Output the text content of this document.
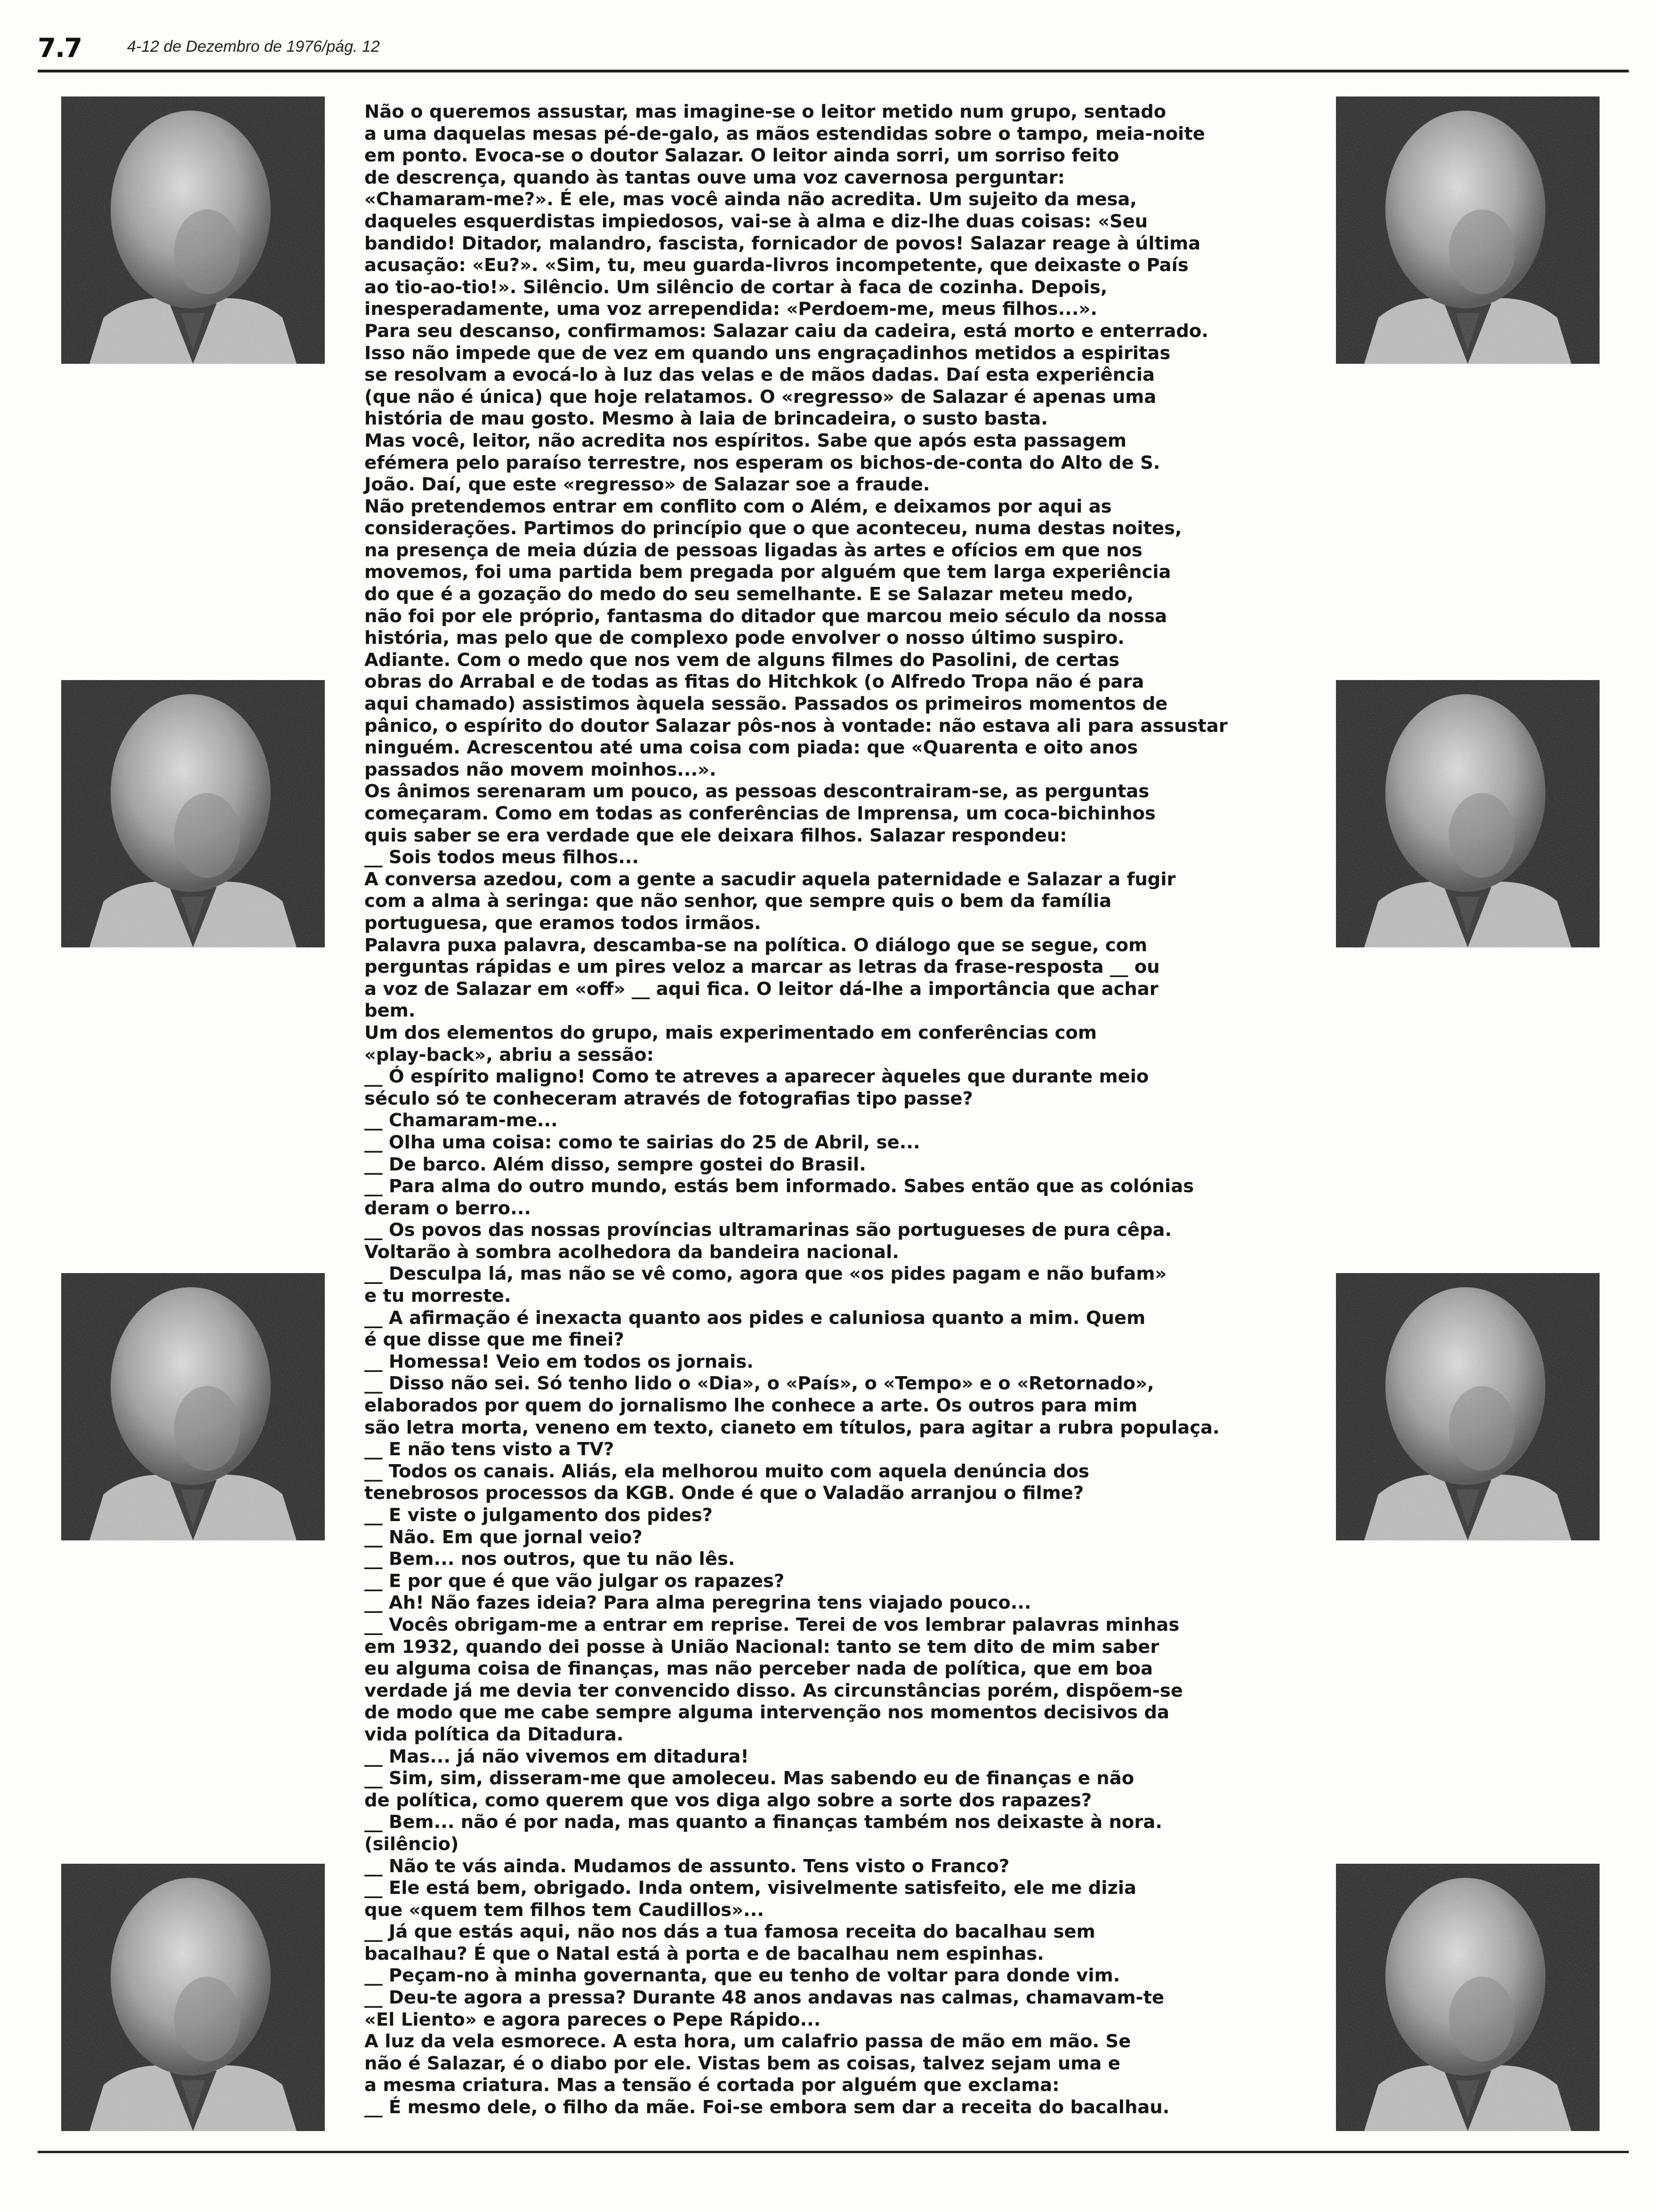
7.7	4-12 de Dezembro de 1976/pág. 12

Não o queremos assustar, mas imagine-se o leitor metido num grupo, sentado

a uma daquelas mesas pé-de-galo, as mãos estendidas sobre o tampo, meia-noite

em ponto. Evoca-se o doutor Salazar. O leitor ainda sorri, um sorriso feito

de descrença, quando às tantas ouve uma voz cavernosa perguntar:

«Chamaram-me?». É ele, mas você ainda não acredita. Um sujeito da mesa,

daqueles esquerdistas impiedosos, vai-se à alma e diz-lhe duas coisas: «Seu

bandido! Ditador, malandro, fascista, fornicador de povos! Salazar reage à última

acusação: «Eu?». «Sim, tu, meu guarda-livros incompetente, que deixaste o País

ao tio-ao-tio!». Silêncio. Um silêncio de cortar à faca de cozinha. Depois,

inesperadamente, uma voz arrependida: «Perdoem-me, meus filhos...».

Para seu descanso, confirmamos: Salazar caiu da cadeira, está morto e enterrado.

Isso não impede que de vez em quando uns engraçadinhos metidos a espiritas

se resolvam a evocá-lo à luz das velas e de mãos dadas. Daí esta experiência

(que não é única) que hoje relatamos. O «regresso» de Salazar é apenas uma

história de mau gosto. Mesmo à laia de brincadeira, o susto basta.

Mas você, leitor, não acredita nos espíritos. Sabe que após esta passagem

efémera pelo paraíso terrestre, nos esperam os bichos-de-conta do Alto de S.

João. Daí, que este «regresso» de Salazar soe a fraude.

Não pretendemos entrar em conflito com o Além, e deixamos por aqui as

considerações. Partimos do princípio que o que aconteceu, numa destas noites,

na presença de meia dúzia de pessoas ligadas às artes e ofícios em que nos

movemos, foi uma partida bem pregada por alguém que tem larga experiência

do que é a gozação do medo do seu semelhante. E se Salazar meteu medo,

não foi por ele próprio, fantasma do ditador que marcou meio século da nossa

história, mas pelo que de complexo pode envolver o nosso último suspiro.

Adiante. Com o medo que nos vem de alguns filmes do Pasolini, de certas

obras do Arrabal e de todas as fitas do Hitchkok (o Alfredo Tropa não é para

aqui chamado) assistimos àquela sessão. Passados os primeiros momentos de

pânico, o espírito do doutor Salazar pôs-nos à vontade: não estava ali para assustar

ninguém. Acrescentou até uma coisa com piada: que «Quarenta e oito anos

passados não movem moinhos...».

Os ânimos serenaram um pouco, as pessoas descontrairam-se, as perguntas

começaram. Como em todas as conferências de Imprensa, um coca-bichinhos

quis saber se era verdade que ele deixara filhos. Salazar respondeu:

__ Sois todos meus filhos...

A conversa azedou, com a gente a sacudir aquela paternidade e Salazar a fugir

com a alma à seringa: que não senhor, que sempre quis o bem da família

portuguesa, que eramos todos irmãos.

Palavra puxa palavra, descamba-se na política. O diálogo que se segue, com

perguntas rápidas e um pires veloz a marcar as letras da frase-resposta __ ou

a voz de Salazar em «off» __ aqui fica. O leitor dá-lhe a importância que achar

bem.

Um dos elementos do grupo, mais experimentado em conferências com

«play-back», abriu a sessão:

__ Ó espírito maligno! Como te atreves a aparecer àqueles que durante meio

século só te conheceram através de fotografias tipo passe?

__ Chamaram-me...

__ Olha uma coisa: como te sairias do 25 de Abril, se...

__ De barco. Além disso, sempre gostei do Brasil.

__ Para alma do outro mundo, estás bem informado. Sabes então que as colónias

deram o berro...

__ Os povos das nossas províncias ultramarinas são portugueses de pura cêpa.

Voltarão à sombra acolhedora da bandeira nacional.

__ Desculpa lá, mas não se vê como, agora que «os pides pagam e não bufam»

e tu morreste.

__ A afirmação é inexacta quanto aos pides e caluniosa quanto a mim. Quem

é que disse que me finei?

__ Homessa! Veio em todos os jornais.

__ Disso não sei. Só tenho lido o «Dia», o «País», o «Tempo» e o «Retornado»,

elaborados por quem do jornalismo lhe conhece a arte. Os outros para mim

são letra morta, veneno em texto, cianeto em títulos, para agitar a rubra populaça.

__ E não tens visto a TV?

__ Todos os canais. Aliás, ela melhorou muito com aquela denúncia dos

tenebrosos processos da KGB. Onde é que o Valadão arranjou o filme?

__ E viste o julgamento dos pides?

__ Não. Em que jornal veio?

__ Bem... nos outros, que tu não lês.

__ E por que é que vão julgar os rapazes?

__ Ah! Não fazes ideia? Para alma peregrina tens viajado pouco...

__ Vocês obrigam-me a entrar em reprise. Terei de vos lembrar palavras minhas

em 1932, quando dei posse à União Nacional: tanto se tem dito de mim saber

eu alguma coisa de finanças, mas não perceber nada de política, que em boa

verdade já me devia ter convencido disso. As circunstâncias porém, dispõem-se

de modo que me cabe sempre alguma intervenção nos momentos decisivos da

vida política da Ditadura.

__ Mas... já não vivemos em ditadura!

__ Sim, sim, disseram-me que amoleceu. Mas sabendo eu de finanças e não

de política, como querem que vos diga algo sobre a sorte dos rapazes?

__ Bem... não é por nada, mas quanto a finanças também nos deixaste à nora.

(silêncio)

__ Não te vás ainda. Mudamos de assunto. Tens visto o Franco?

__ Ele está bem, obrigado. Inda ontem, visivelmente satisfeito, ele me dizia

que «quem tem filhos tem Caudillos»...

__ Já que estás aqui, não nos dás a tua famosa receita do bacalhau sem

bacalhau? É que o Natal está à porta e de bacalhau nem espinhas.

__ Peçam-no à minha governanta, que eu tenho de voltar para donde vim.

__ Deu-te agora a pressa? Durante 48 anos andavas nas calmas, chamavam-te

«El Liento» e agora pareces o Pepe Rápido...

A luz da vela esmorece. A esta hora, um calafrio passa de mão em mão. Se

não é Salazar, é o diabo por ele. Vistas bem as coisas, talvez sejam uma e

a mesma criatura. Mas a tensão é cortada por alguém que exclama:

__ É mesmo dele, o filho da mãe. Foi-se embora sem dar a receita do bacalhau.
